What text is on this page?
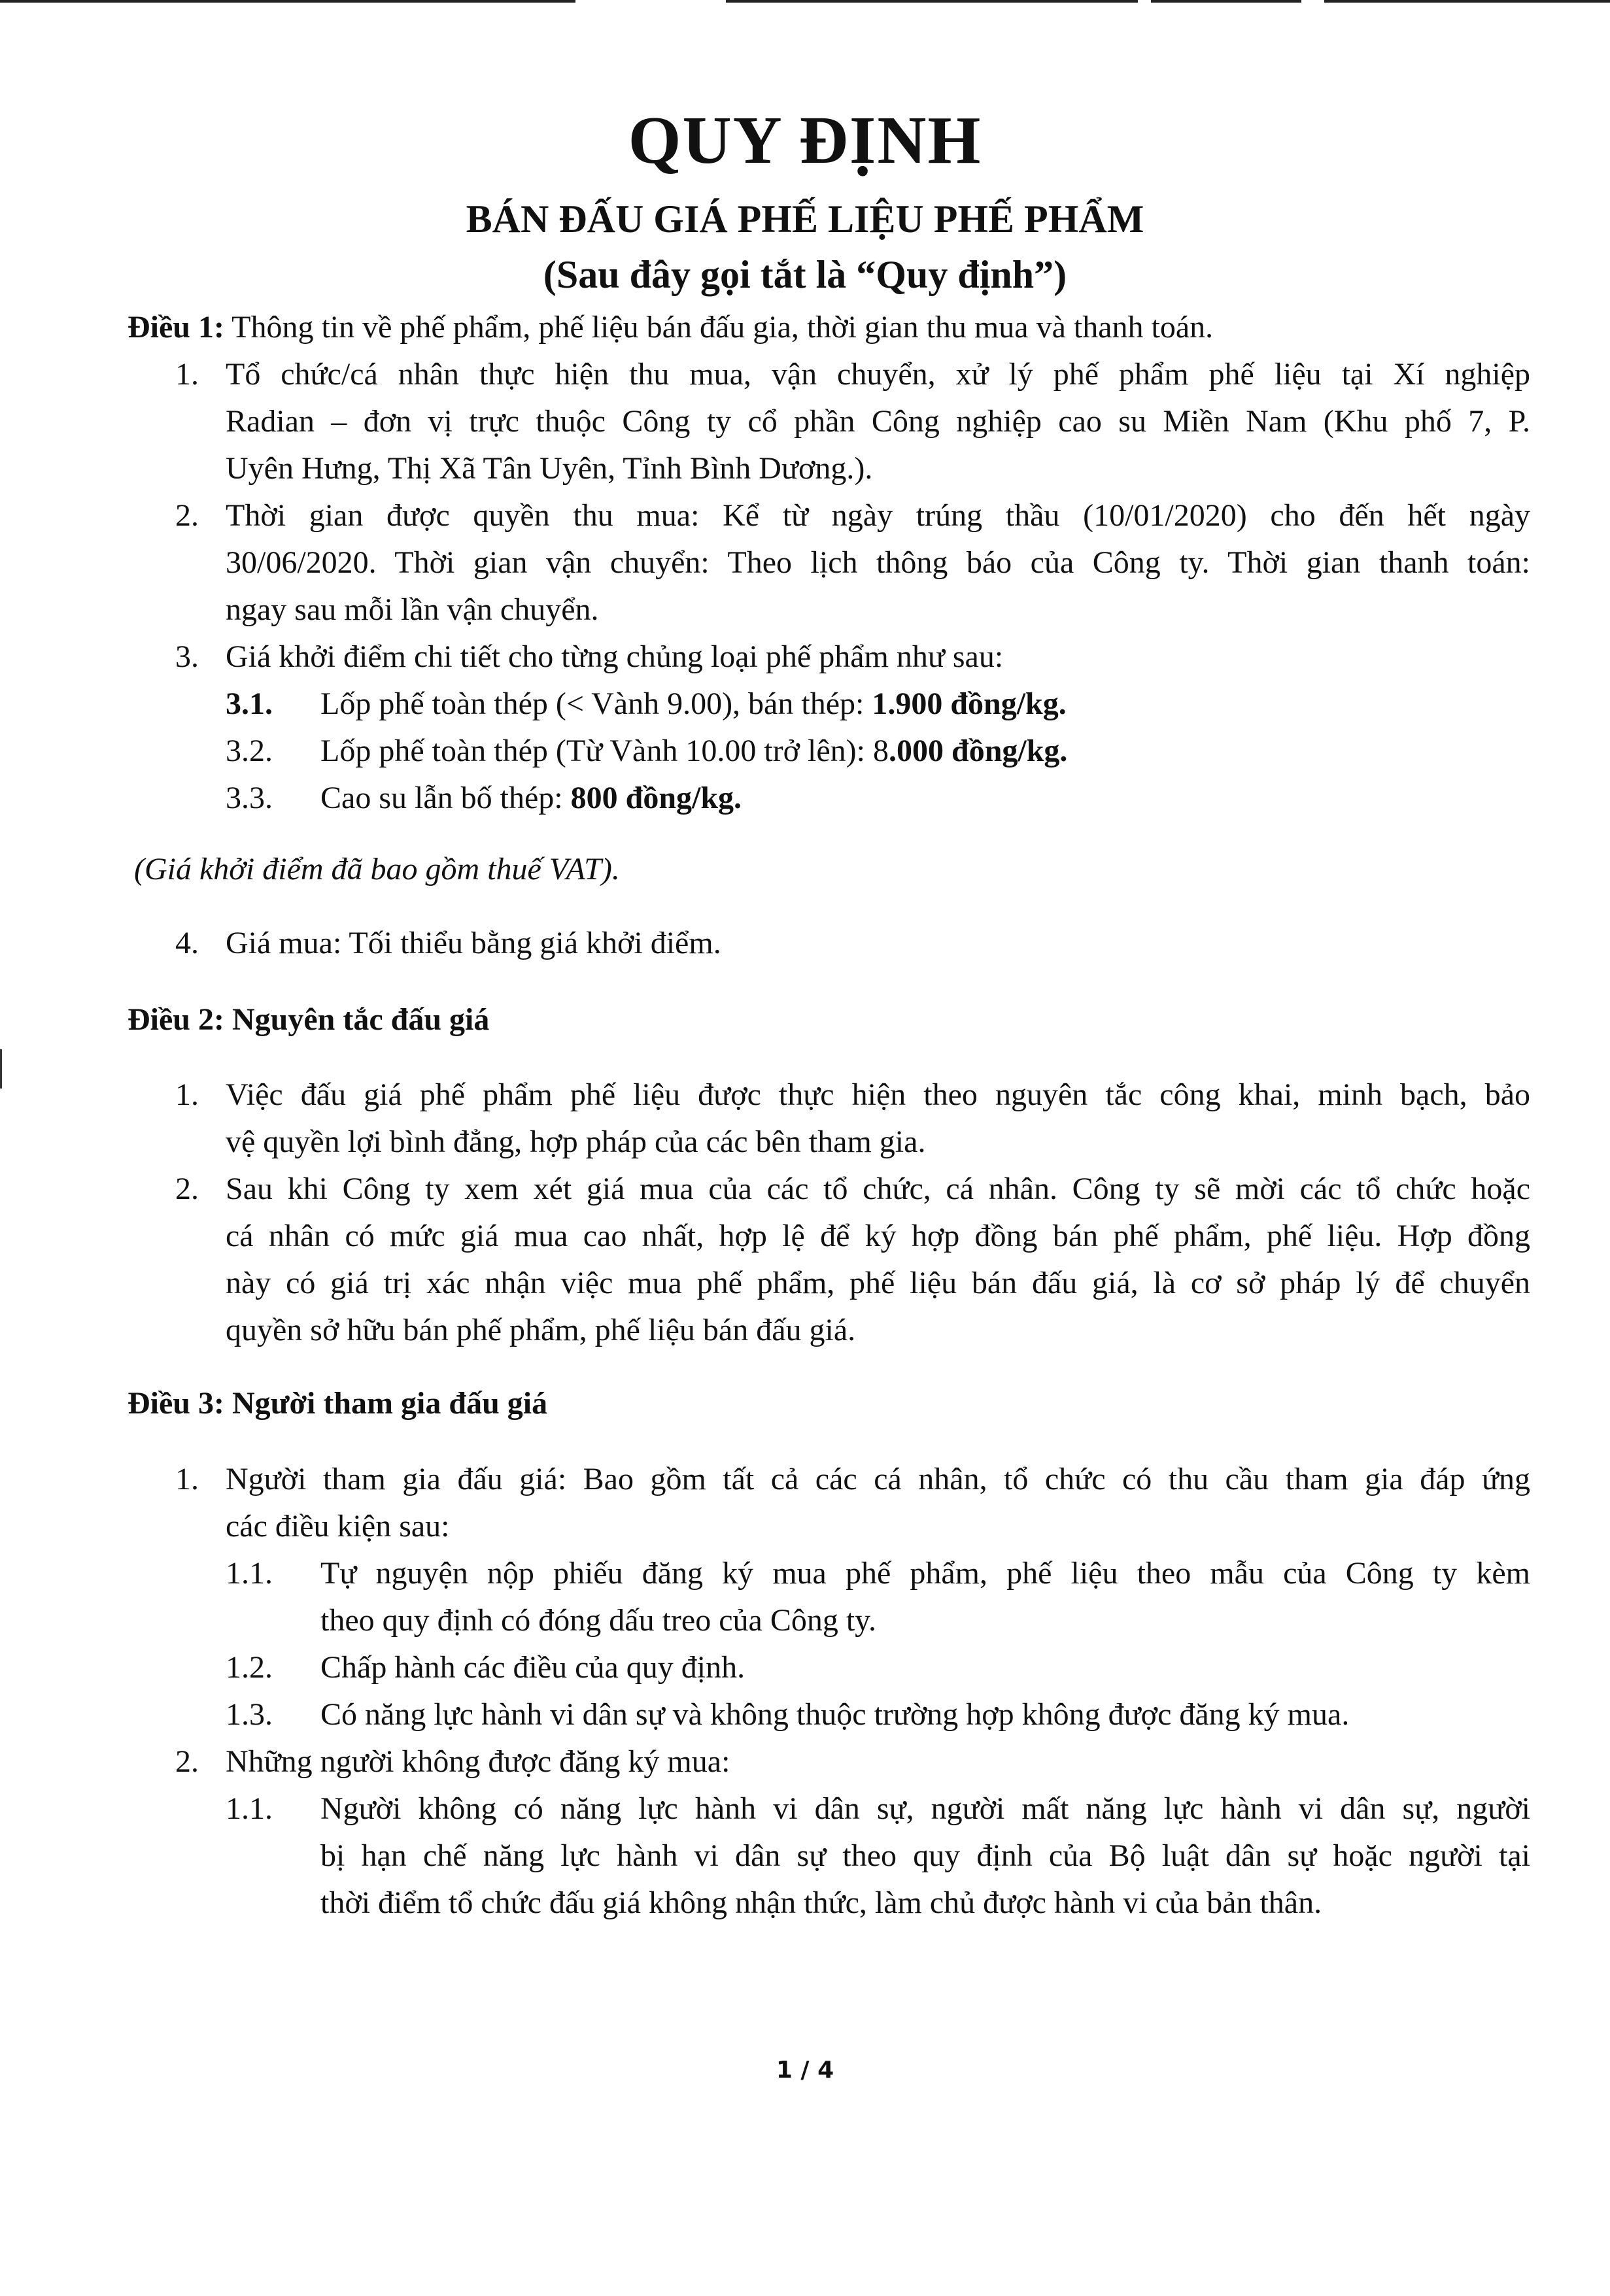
QUY ĐỊNH
BÁN ĐẤU GIÁ PHẾ LIỆU PHẾ PHẨM
(Sau đây gọi tắt là “Quy định”)
Điều 1: Thông tin về phế phẩm, phế liệu bán đấu gia, thời gian thu mua và thanh toán.
1. Tổ chức/cá nhân thực hiện thu mua, vận chuyển, xử lý phế phẩm phế liệu tại Xí nghiệp
Radian – đơn vị trực thuộc Công ty cổ phần Công nghiệp cao su Miền Nam (Khu phố 7, P.
Uyên Hưng, Thị Xã Tân Uyên, Tỉnh Bình Dương.).
2. Thời gian được quyền thu mua: Kể từ ngày trúng thầu (10/01/2020) cho đến hết ngày
30/06/2020. Thời gian vận chuyển: Theo lịch thông báo của Công ty. Thời gian thanh toán:
ngay sau mỗi lần vận chuyển.
3. Giá khởi điểm chi tiết cho từng chủng loại phế phẩm như sau:
3.1. Lốp phế toàn thép (< Vành 9.00), bán thép: 1.900 đồng/kg.
3.2. Lốp phế toàn thép (Từ Vành 10.00 trở lên): 8.000 đồng/kg.
3.3. Cao su lẫn bố thép: 800 đồng/kg.
(Giá khởi điểm đã bao gồm thuế VAT).
4. Giá mua: Tối thiểu bằng giá khởi điểm.
Điều 2: Nguyên tắc đấu giá
1. Việc đấu giá phế phẩm phế liệu được thực hiện theo nguyên tắc công khai, minh bạch, bảo
vệ quyền lợi bình đẳng, hợp pháp của các bên tham gia.
2. Sau khi Công ty xem xét giá mua của các tổ chức, cá nhân. Công ty sẽ mời các tổ chức hoặc
cá nhân có mức giá mua cao nhất, hợp lệ để ký hợp đồng bán phế phẩm, phế liệu. Hợp đồng
này có giá trị xác nhận việc mua phế phẩm, phế liệu bán đấu giá, là cơ sở pháp lý để chuyển
quyền sở hữu bán phế phẩm, phế liệu bán đấu giá.
Điều 3: Người tham gia đấu giá
1. Người tham gia đấu giá: Bao gồm tất cả các cá nhân, tổ chức có thu cầu tham gia đáp ứng
các điều kiện sau:
1.1. Tự nguyện nộp phiếu đăng ký mua phế phẩm, phế liệu theo mẫu của Công ty kèm
theo quy định có đóng dấu treo của Công ty.
1.2. Chấp hành các điều của quy định.
1.3. Có năng lực hành vi dân sự và không thuộc trường hợp không được đăng ký mua.
2. Những người không được đăng ký mua:
1.1. Người không có năng lực hành vi dân sự, người mất năng lực hành vi dân sự, người
bị hạn chế năng lực hành vi dân sự theo quy định của Bộ luật dân sự hoặc người tại
thời điểm tổ chức đấu giá không nhận thức, làm chủ được hành vi của bản thân.
1 / 4
